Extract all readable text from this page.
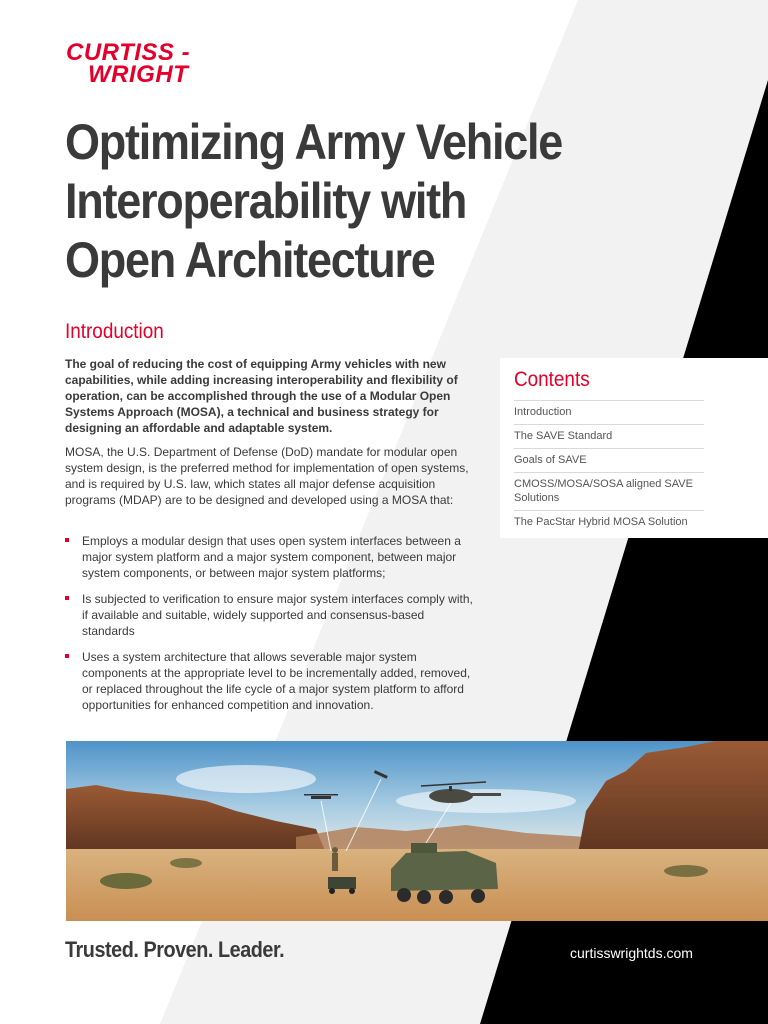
CURTISS -
WRIGHT
Optimizing Army Vehicle
Interoperability with
Open Architecture
Introduction

The goal of reducing the cost of equipping Army vehicles with new capabilities, while adding increasing interoperability and flexibility of operation, can be accomplished through the use of a Modular Open Systems Approach (MOSA), a technical and business strategy for designing an affordable and adaptable system.

MOSA, the U.S. Department of Defense (DoD) mandate for modular open system design, is the preferred method for implementation of open systems, and is required by U.S. law, which states all major defense acquisition programs (MDAP) are to be designed and developed using a MOSA that:

Employs a modular design that uses open system interfaces between a major system platform and a major system component, between major system components, or between major system platforms;
Is subjected to verification to ensure major system interfaces comply with, if available and suitable, widely supported and consensus-based standards
Uses a system architecture that allows severable major system components at the appropriate level to be incrementally added, removed, or replaced throughout the life cycle of a major system platform to afford opportunities for enhanced competition and innovation.
Contents
Introduction
The SAVE Standard
Goals of SAVE
CMOSS/MOSA/SOSA aligned SAVE Solutions
The PacStar Hybrid MOSA Solution

Trusted. Proven. Leader.	curtisswrightds.com
